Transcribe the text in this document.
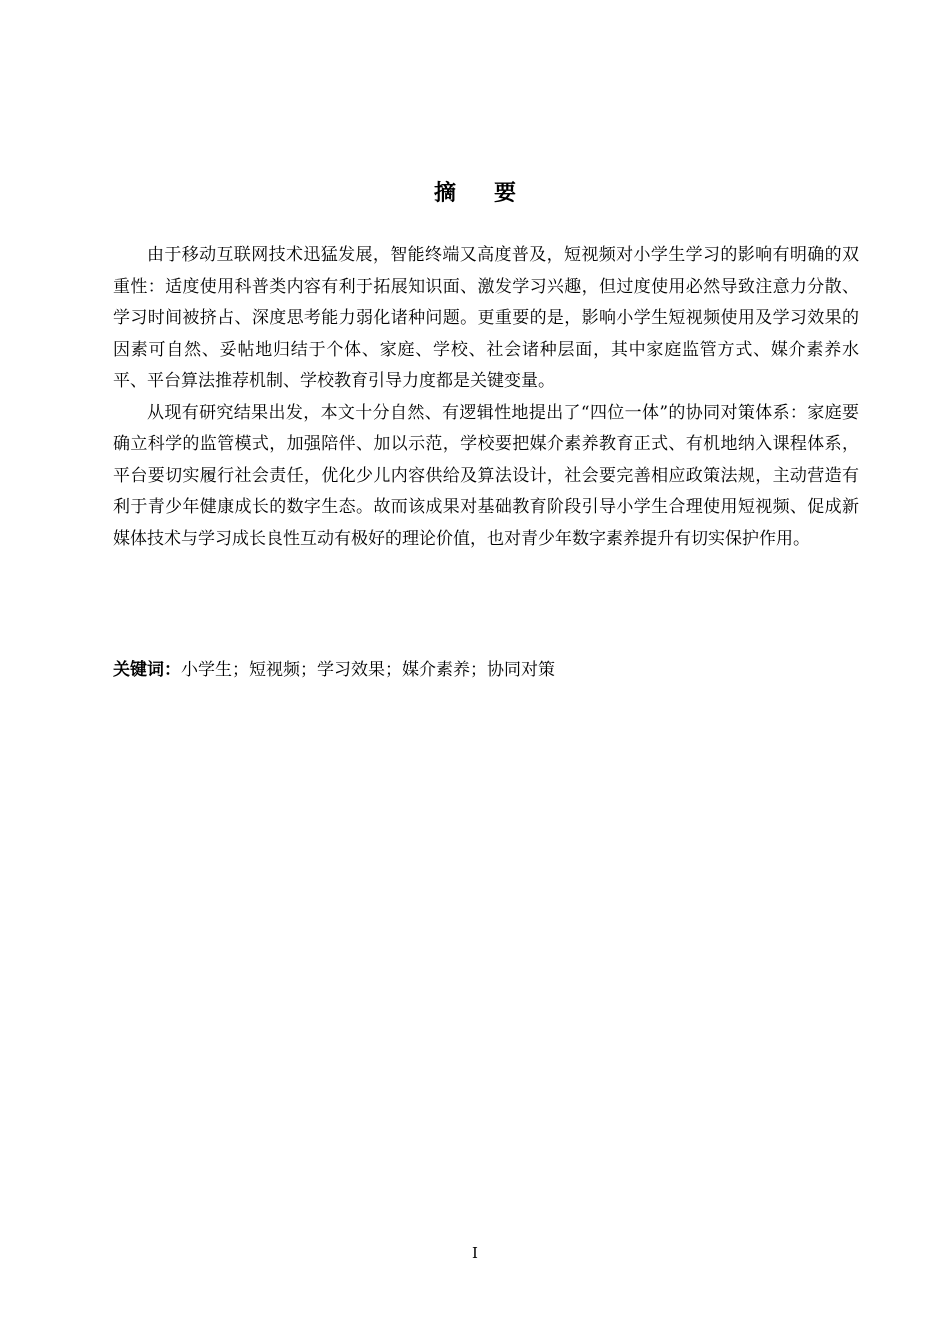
摘 要

由于移动互联网技术迅猛发展，智能终端又高度普及，短视频对小学生学习的影响有明确的双重性：适度使用科普类内容有利于拓展知识面、激发学习兴趣，但过度使用必然导致注意力分散、学习时间被挤占、深度思考能力弱化诸种问题。更重要的是，影响小学生短视频使用及学习效果的因素可自然、妥帖地归结于个体、家庭、学校、社会诸种层面，其中家庭监管方式、媒介素养水平、平台算法推荐机制、学校教育引导力度都是关键变量。

从现有研究结果出发，本文十分自然、有逻辑性地提出了“四位一体”的协同对策体系：家庭要确立科学的监管模式，加强陪伴、加以示范，学校要把媒介素养教育正式、有机地纳入课程体系，平台要切实履行社会责任，优化少儿内容供给及算法设计，社会要完善相应政策法规，主动营造有利于青少年健康成长的数字生态。故而该成果对基础教育阶段引导小学生合理使用短视频、促成新媒体技术与学习成长良性互动有极好的理论价值，也对青少年数字素养提升有切实保护作用。

关键词：小学生；短视频；学习效果；媒介素养；协同对策
I
